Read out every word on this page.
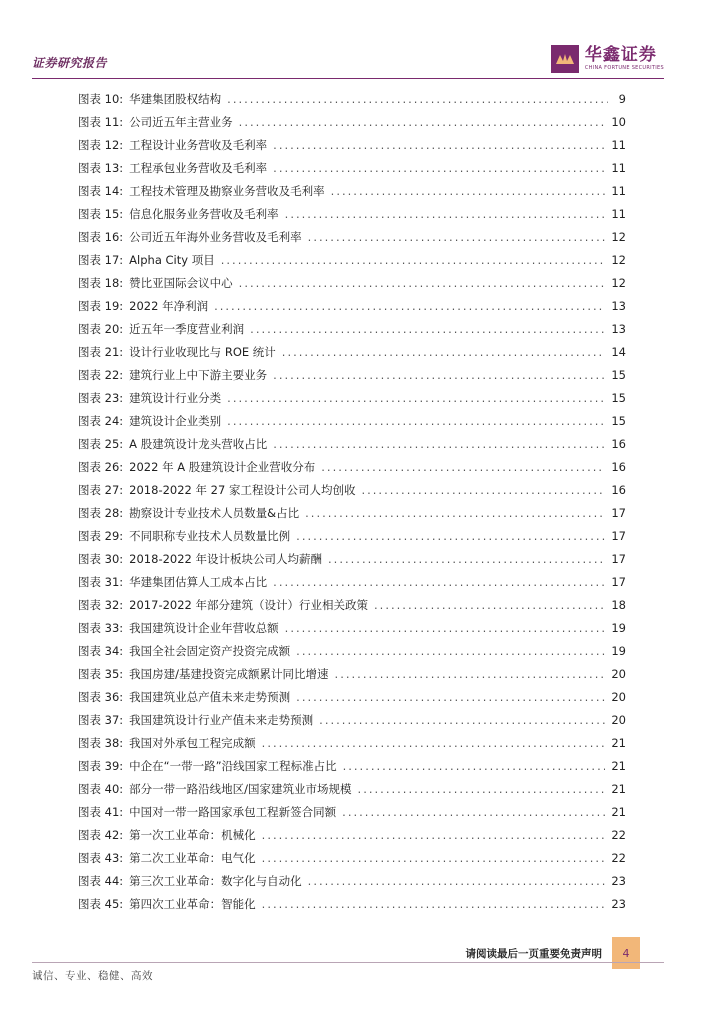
证券研究报告	华鑫证券
CHINA FORTUNE SECURITIES
图表 10: 华建集团股权结构 .....	9
图表 11: 公司近五年主营业务 .....	10
图表 12: 工程设计业务营收及毛利率 .....	11
图表 13: 工程承包业务营收及毛利率 .....	11
图表 14: 工程技术管理及勘察业务营收及毛利率 .....	11
图表 15: 信息化服务业务营收及毛利率 .....	11
图表 16: 公司近五年海外业务营收及毛利率 .....	12
图表 17: Alpha City 项目 .....	12
图表 18: 赞比亚国际会议中心 .....	12
图表 19: 2022 年净利润 .....	13
图表 20: 近五年一季度营业利润 .....	13
图表 21: 设计行业收现比与 ROE 统计 .....	14
图表 22: 建筑行业上中下游主要业务 .....	15
图表 23: 建筑设计行业分类 .....	15
图表 24: 建筑设计企业类别 .....	15
图表 25: A 股建筑设计龙头营收占比 .....	16
图表 26: 2022 年 A 股建筑设计企业营收分布 .....	16
图表 27: 2018-2022 年 27 家工程设计公司人均创收 .....	16
图表 28: 勘察设计专业技术人员数量&占比 .....	17
图表 29: 不同职称专业技术人员数量比例 .....	17
图表 30: 2018-2022 年设计板块公司人均薪酬 .....	17
图表 31: 华建集团估算人工成本占比 .....	17
图表 32: 2017-2022 年部分建筑（设计）行业相关政策 .....	18
图表 33: 我国建筑设计企业年营收总额 .....	19
图表 34: 我国全社会固定资产投资完成额 .....	19
图表 35: 我国房建/基建投资完成额累计同比增速 .....	20
图表 36: 我国建筑业总产值未来走势预测 .....	20
图表 37: 我国建筑设计行业产值未来走势预测 .....	20
图表 38: 我国对外承包工程完成额 .....	21
图表 39: 中企在“一带一路”沿线国家工程标准占比 .....	21
图表 40: 部分一带一路沿线地区/国家建筑业市场规模 .....	21
图表 41: 中国对一带一路国家承包工程新签合同额 .....	21
图表 42: 第一次工业革命：机械化 .....	22
图表 43: 第二次工业革命：电气化 .....	22
图表 44: 第三次工业革命：数字化与自动化 .....	23
图表 45: 第四次工业革命：智能化 .....	23
请阅读最后一页重要免责声明	4
诚信、专业、稳健、高效
